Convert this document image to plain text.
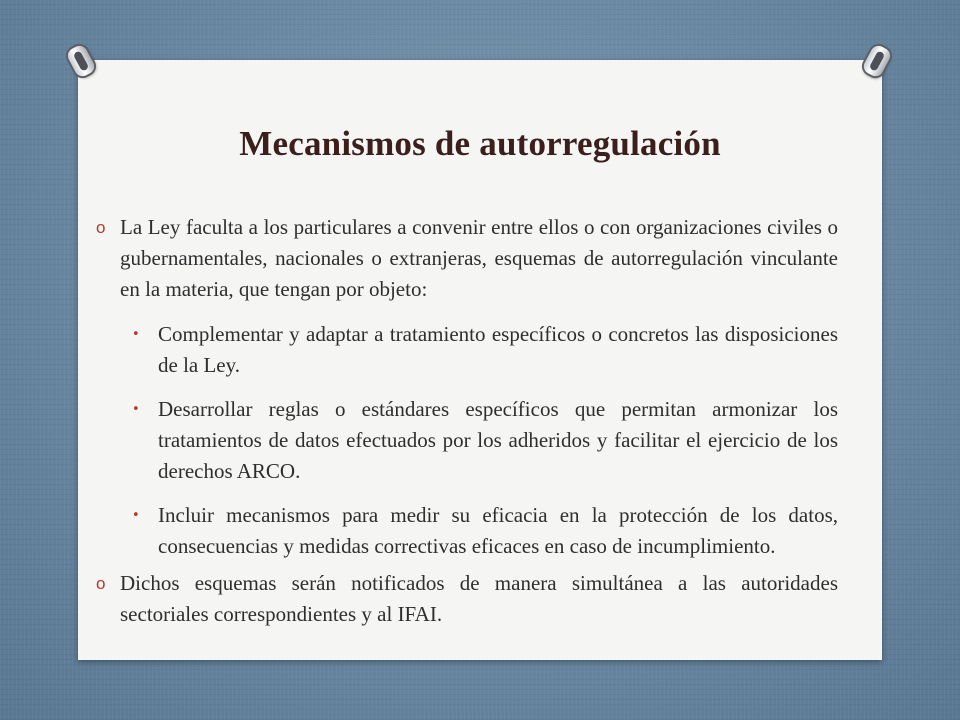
Mecanismos de autorregulación
o La Ley faculta a los particulares a convenir entre ellos o con organizaciones civiles o gubernamentales, nacionales o extranjeras, esquemas de autorregulación vinculante en la materia, que tengan por objeto:
• Complementar y adaptar a tratamiento específicos o concretos las disposiciones de la Ley.
• Desarrollar reglas o estándares específicos que permitan armonizar los tratamientos de datos efectuados por los adheridos y facilitar el ejercicio de los derechos ARCO.
• Incluir mecanismos para medir su eficacia en la protección de los datos, consecuencias y medidas correctivas eficaces en caso de incumplimiento.
o Dichos esquemas serán notificados de manera simultánea a las autoridades sectoriales correspondientes y al IFAI.
